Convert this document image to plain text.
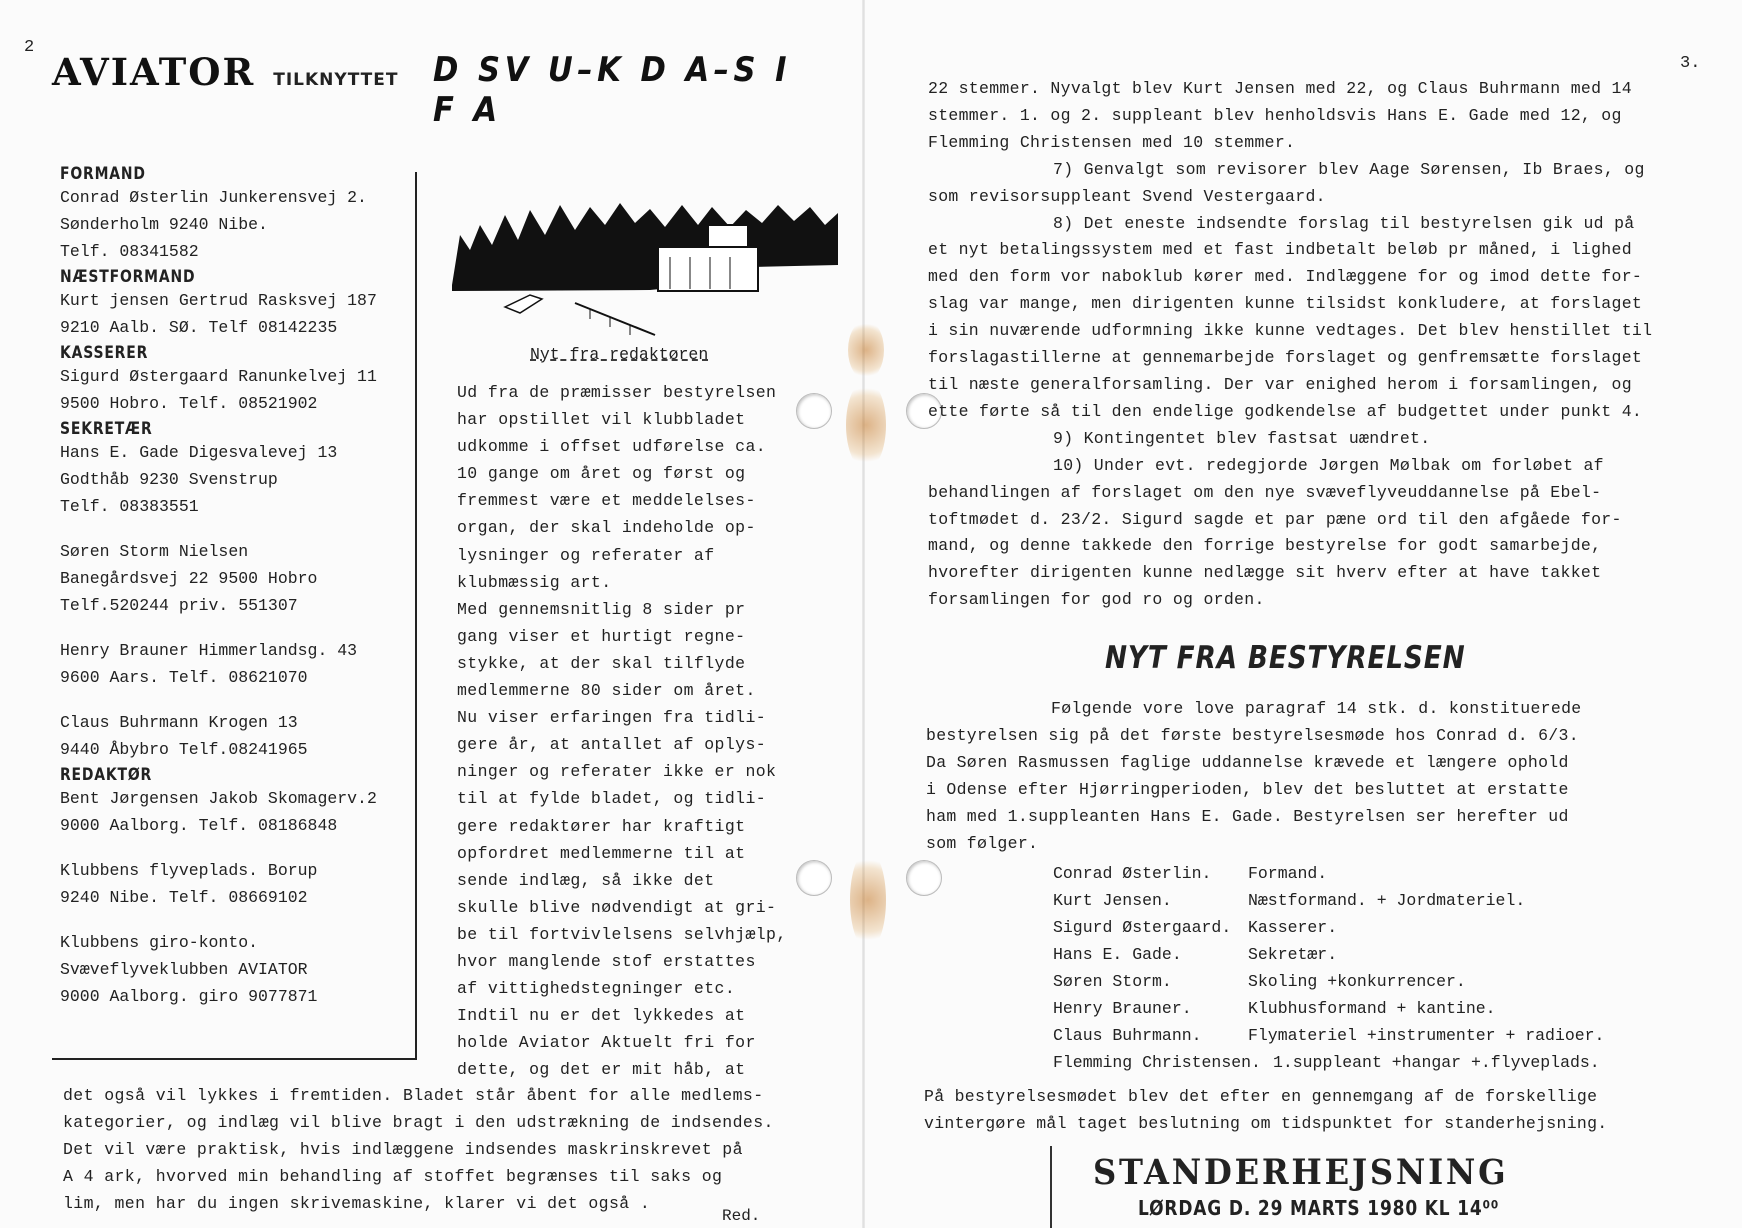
2
AVIATOR TILKNYTTET D SV U–K D A–S I F A
FORMAND
Conrad Østerlin Junkerensvej 2.
Sønderholm 9240 Nibe.
Telf. 08341582
NÆSTFORMAND
Kurt jensen Gertrud Rasksvej 187
9210 Aalb. SØ. Telf 08142235
KASSERER
Sigurd Østergaard Ranunkelvej 11
9500 Hobro. Telf. 08521902
SEKRETÆR
Hans E. Gade Digesvalevej 13
Godthåb 9230 Svenstrup
Telf. 08383551
Søren Storm Nielsen
Banegårdsvej 22 9500 Hobro
Telf.520244 priv. 551307
Henry Brauner Himmerlandsg. 43
9600 Aars. Telf. 08621070
Claus Buhrmann Krogen 13
9440 Åbybro Telf.08241965
REDAKTØR
Bent Jørgensen Jakob Skomagerv.2
9000 Aalborg. Telf. 08186848
Klubbens flyveplads. Borup
9240 Nibe. Telf. 08669102
Klubbens giro-konto.
Svæveflyveklubben AVIATOR
9000 Aalborg. giro 9077871
Nyt fra redaktøren
Ud fra de præmisser bestyrelsen
har opstillet vil klubbladet
udkomme i offset udførelse ca.
10 gange om året og først og
fremmest være et meddelelses-
organ, der skal indeholde op-
lysninger og referater af
klubmæssig art.
Med gennemsnitlig 8 sider pr
gang viser et hurtigt regne-
stykke, at der skal tilflyde
medlemmerne 80 sider om året.
Nu viser erfaringen fra tidli-
gere år, at antallet af oplys-
ninger og referater ikke er nok
til at fylde bladet, og tidli-
gere redaktører har kraftigt
opfordret medlemmerne til at
sende indlæg, så ikke det
skulle blive nødvendigt at gri-
be til fortvivlelsens selvhjælp,
hvor manglende stof erstattes
af vittighedstegninger etc.
Indtil nu er det lykkedes at
holde Aviator Aktuelt fri for
dette, og det er mit håb, at
det også vil lykkes i fremtiden. Bladet står åbent for alle medlems-
kategorier, og indlæg vil blive bragt i den udstrækning de indsendes.
Det vil være praktisk, hvis indlæggene indsendes maskrinskrevet på
A 4 ark, hvorved min behandling af stoffet begrænses til saks og
lim, men har du ingen skrivemaskine, klarer vi det også .
Red.
3.
22 stemmer. Nyvalgt blev Kurt Jensen med 22, og Claus Buhrmann med 14
stemmer. 1. og 2. suppleant blev henholdsvis Hans E. Gade med 12, og
Flemming Christensen med 10 stemmer.
7) Genvalgt som revisorer blev Aage Sørensen, Ib Braes, og
som revisorsuppleant Svend Vestergaard.
8) Det eneste indsendte forslag til bestyrelsen gik ud på
et nyt betalingssystem med et fast indbetalt beløb pr måned, i lighed
med den form vor naboklub kører med. Indlæggene for og imod dette for-
slag var mange, men dirigenten kunne tilsidst konkludere, at forslaget
i sin nuværende udformning ikke kunne vedtages. Det blev henstillet til
forslagastillerne at gennemarbejde forslaget og genfremsætte forslaget
til næste generalforsamling. Der var enighed herom i forsamlingen, og
ette førte så til den endelige godkendelse af budgettet under punkt 4.
9) Kontingentet blev fastsat uændret.
10) Under evt. redegjorde Jørgen Mølbak om forløbet af
behandlingen af forslaget om den nye svæveflyveuddannelse på Ebel-
toftmødet d. 23/2. Sigurd sagde et par pæne ord til den afgåede for-
mand, og denne takkede den forrige bestyrelse for godt samarbejde,
hvorefter dirigenten kunne nedlægge sit hverv efter at have takket
forsamlingen for god ro og orden.
NYT FRA BESTYRELSEN
Følgende vore love paragraf 14 stk. d. konstituerede
bestyrelsen sig på det første bestyrelsesmøde hos Conrad d. 6/3.
Da Søren Rasmussen faglige uddannelse krævede et længere ophold
i Odense efter Hjørringperioden, blev det besluttet at erstatte
ham med 1.suppleanten Hans E. Gade. Bestyrelsen ser herefter ud
som følger.
Conrad Østerlin.	Formand.
Kurt Jensen.	Næstformand. + Jordmateriel.
Sigurd Østergaard.	Kasserer.
Hans E. Gade.	Sekretær.
Søren Storm.	Skoling +konkurrencer.
Henry Brauner.	Klubhusformand + kantine.
Claus Buhrmann.	Flymateriel +instrumenter + radioer.
Flemming Christensen. 1.suppleant +hangar +.flyveplads.
På bestyrelsesmødet blev det efter en gennemgang af de forskellige
vintergøre mål taget beslutning om tidspunktet for standerhejsning.
STANDERHEJSNING
LØRDAG D. 29 MARTS 1980 KL 14⁰⁰
